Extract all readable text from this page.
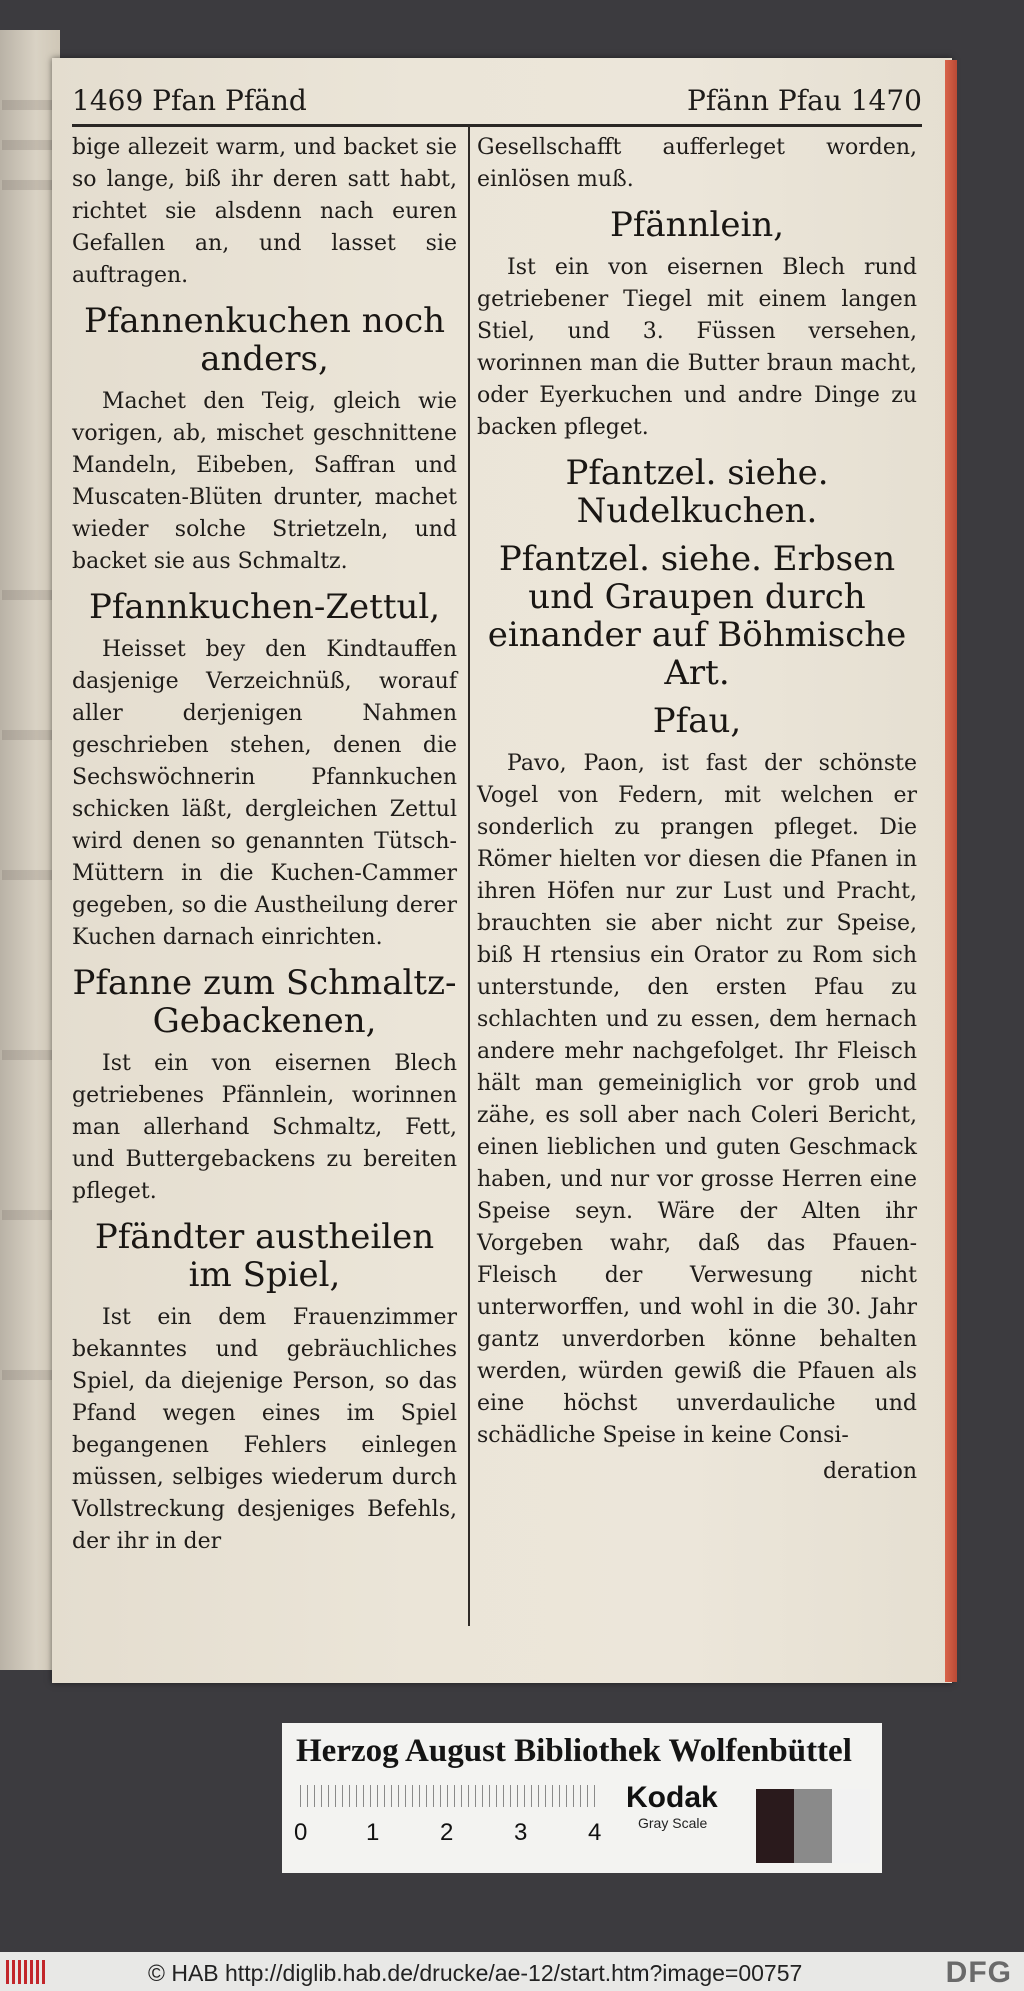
1469 Pfan Pfänd	Pfänn Pfau 1470

bige allezeit warm, und backet sie so lange, biß ihr deren satt habt, richtet sie alsdenn nach euren Gefallen an, und lasset sie auftragen.

Pfannenkuchen noch anders,

Machet den Teig, gleich wie vorigen, ab, mischet geschnittene Mandeln, Eibeben, Saffran und Muscaten-Blüten drunter, machet wieder solche Strietzeln, und backet sie aus Schmaltz.

Pfannkuchen-Zettul,

Heisset bey den Kindtauffen dasjenige Verzeichnüß, worauf aller derjenigen Nahmen geschrieben stehen, denen die Sechswöchnerin Pfannkuchen schicken läßt, dergleichen Zettul wird denen so genannten Tütsch-Müttern in die Kuchen-Cammer gegeben, so die Austheilung derer Kuchen darnach einrichten.

Pfanne zum Schmaltz-Gebackenen,

Ist ein von eisernen Blech getriebenes Pfännlein, worinnen man allerhand Schmaltz, Fett, und Buttergebackens zu bereiten pfleget.

Pfändter austheilen im Spiel,

Ist ein dem Frauenzimmer bekanntes und gebräuchliches Spiel, da diejenige Person, so das Pfand wegen eines im Spiel begangenen Fehlers einlegen müssen, selbiges wiederum durch Vollstreckung desjeniges Befehls, der ihr in der

Gesellschafft aufferleget worden, einlösen muß.

Pfännlein,

Ist ein von eisernen Blech rund getriebener Tiegel mit einem langen Stiel, und 3. Füssen versehen, worinnen man die Butter braun macht, oder Eyerkuchen und andre Dinge zu backen pfleget.

Pfantzel. siehe. Nudelkuchen.
Pfantzel. siehe. Erbsen und Graupen durch einander auf Böhmische Art.
Pfau,

Pavo, Paon, ist fast der schönste Vogel von Federn, mit welchen er sonderlich zu prangen pfleget. Die Römer hielten vor diesen die Pfanen in ihren Höfen nur zur Lust und Pracht, brauchten sie aber nicht zur Speise, biß H rtensius ein Orator zu Rom sich unterstunde, den ersten Pfau zu schlachten und zu essen, dem hernach andere mehr nachgefolget. Ihr Fleisch hält man gemeiniglich vor grob und zähe, es soll aber nach Coleri Bericht, einen lieblichen und guten Geschmack haben, und nur vor grosse Herren eine Speise seyn. Wäre der Alten ihr Vorgeben wahr, daß das Pfauen-Fleisch der Verwesung nicht unterworffen, und wohl in die 30. Jahr gantz unverdorben könne behalten werden, würden gewiß die Pfauen als eine höchst unverdauliche und schädliche Speise in keine Consi-

deration

Herzog August Bibliothek Wolfenbüttel
0 1	2	3	4
Kodak
Gray Scale
© HAB http://diglib.hab.de/drucke/ae-12/start.htm?image=00757	DFG
